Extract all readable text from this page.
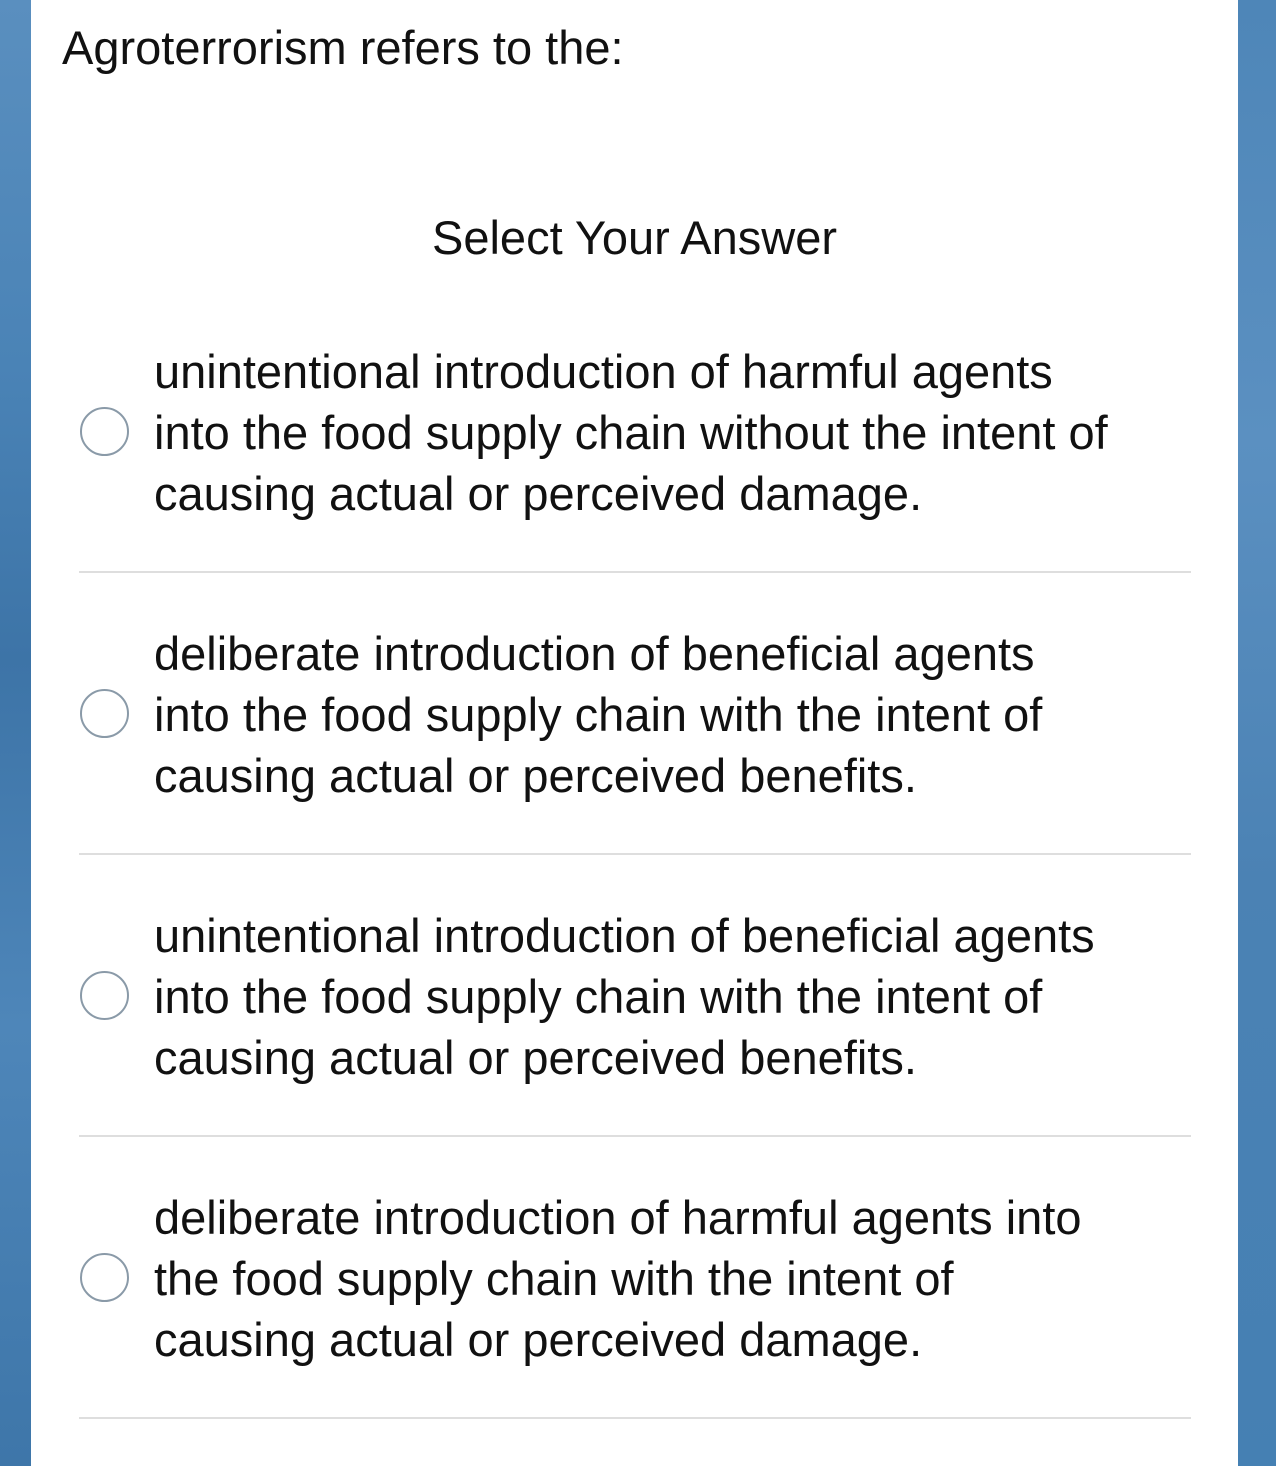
Agroterrorism refers to the:
Select Your Answer
unintentional introduction of harmful agents
into the food supply chain without the intent of
causing actual or perceived damage.
deliberate introduction of beneficial agents
into the food supply chain with the intent of
causing actual or perceived benefits.
unintentional introduction of beneficial agents
into the food supply chain with the intent of
causing actual or perceived benefits.
deliberate introduction of harmful agents into
the food supply chain with the intent of
causing actual or perceived damage.
